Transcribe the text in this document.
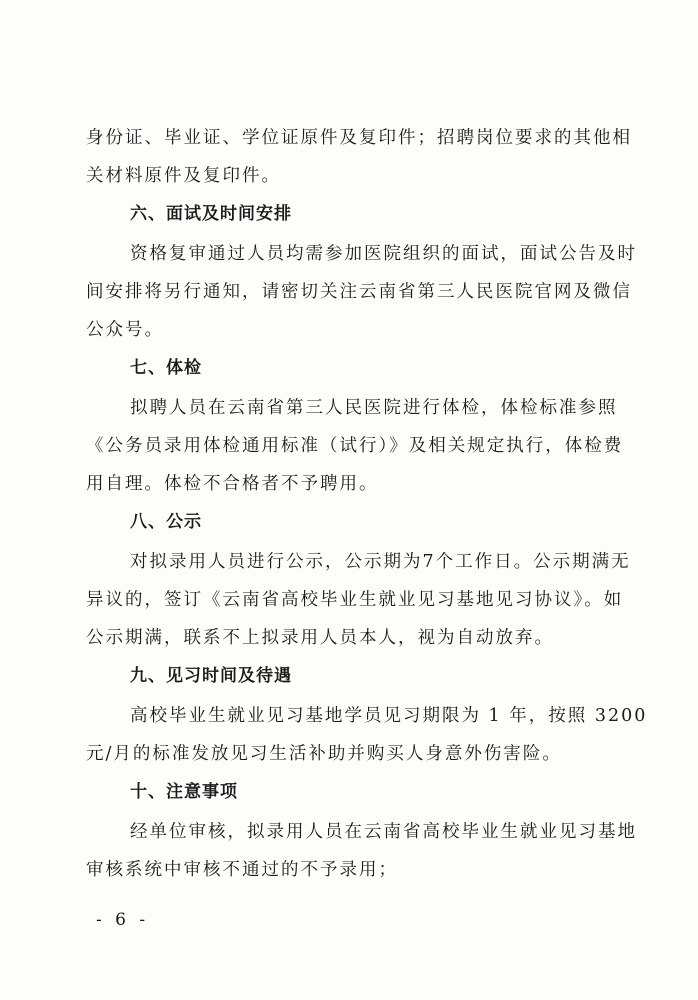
身份证、毕业证、学位证原件及复印件；招聘岗位要求的其他相
关材料原件及复印件。
六、面试及时间安排
资格复审通过人员均需参加医院组织的面试，面试公告及时
间安排将另行通知，请密切关注云南省第三人民医院官网及微信
公众号。
七、体检
拟聘人员在云南省第三人民医院进行体检，体检标准参照
《公务员录用体检通用标准（试行）》及相关规定执行，体检费
用自理。体检不合格者不予聘用。
八、公示
对拟录用人员进行公示，公示期为7个工作日。公示期满无
异议的，签订《云南省高校毕业生就业见习基地见习协议》。如
公示期满，联系不上拟录用人员本人，视为自动放弃。
九、见习时间及待遇
高校毕业生就业见习基地学员见习期限为 1 年，按照 3200
元/月的标准发放见习生活补助并购买人身意外伤害险。
十、注意事项
经单位审核，拟录用人员在云南省高校毕业生就业见习基地
审核系统中审核不通过的不予录用；
- 6 -
